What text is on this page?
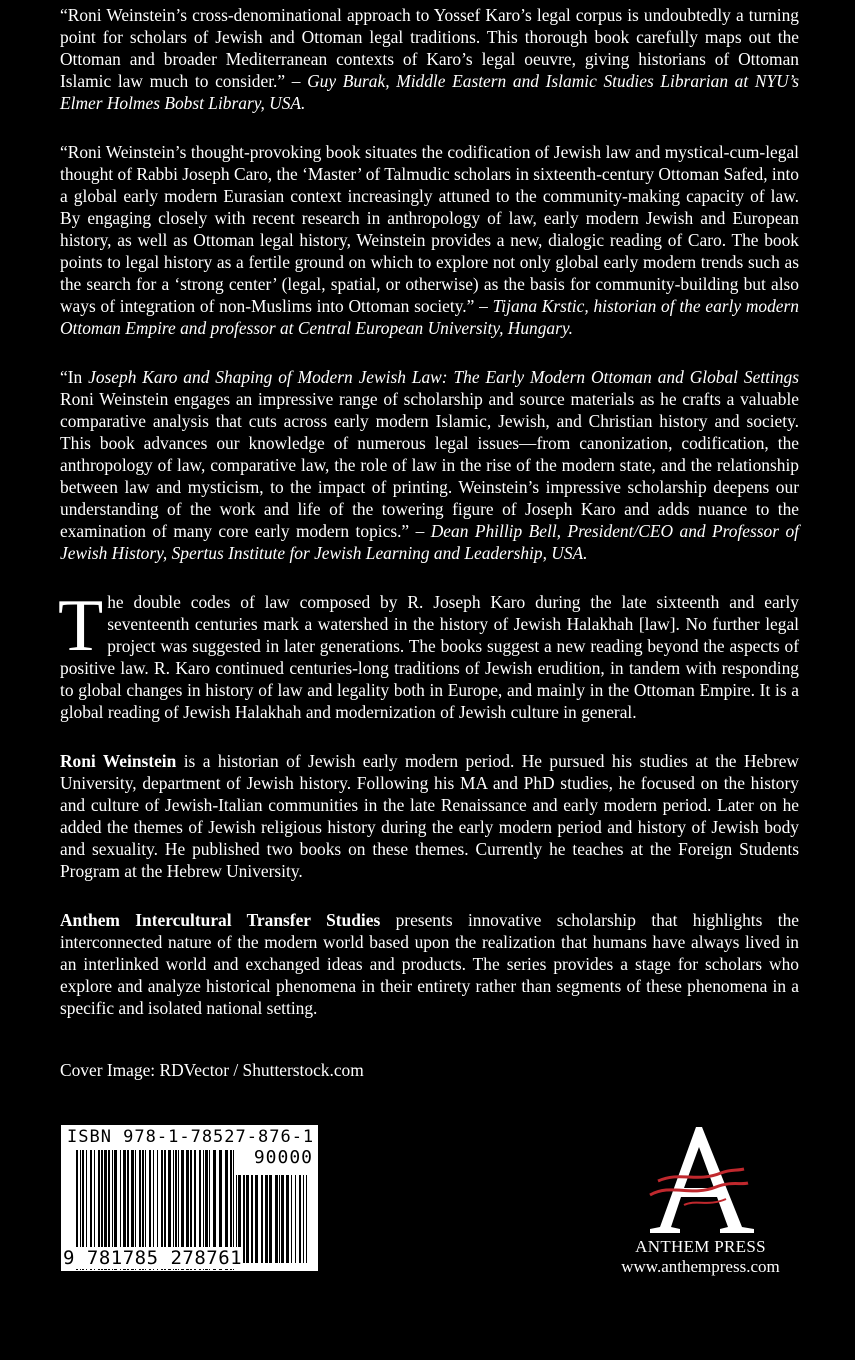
“Roni Weinstein’s cross-denominational approach to Yossef Karo’s legal corpus is undoubtedly a turning point for scholars of Jewish and Ottoman legal traditions. This thorough book carefully maps out the Ottoman and broader Mediterranean contexts of Karo’s legal oeuvre, giving historians of Ottoman Islamic law much to consider.” – Guy Burak, Middle Eastern and Islamic Studies Librarian at NYU’s Elmer Holmes Bobst Library, USA.

“Roni Weinstein’s thought-provoking book situates the codification of Jewish law and mystical-cum-legal thought of Rabbi Joseph Caro, the ‘Master’ of Talmudic scholars in sixteenth-century Ottoman Safed, into a global early modern Eurasian context increasingly attuned to the community-making capacity of law. By engaging closely with recent research in anthropology of law, early modern Jewish and European history, as well as Ottoman legal history, Weinstein provides a new, dialogic reading of Caro. The book points to legal history as a fertile ground on which to explore not only global early modern trends such as the search for a ‘strong center’ (legal, spatial, or otherwise) as the basis for community-building but also ways of integration of non-Muslims into Ottoman society.” – Tijana Krstic, historian of the early modern Ottoman Empire and professor at Central European University, Hungary.

“In Joseph Karo and Shaping of Modern Jewish Law: The Early Modern Ottoman and Global Settings Roni Weinstein engages an impressive range of scholarship and source materials as he crafts a valuable comparative analysis that cuts across early modern Islamic, Jewish, and Christian history and society. This book advances our knowledge of numerous legal issues—from canonization, codification, the anthropology of law, comparative law, the role of law in the rise of the modern state, and the relationship between law and mysticism, to the impact of printing. Weinstein’s impressive scholarship deepens our understanding of the work and life of the towering figure of Joseph Karo and adds nuance to the examination of many core early modern topics.” – Dean Phillip Bell, President/CEO and Professor of Jewish History, Spertus Institute for Jewish Learning and Leadership, USA.

The double codes of law composed by R. Joseph Karo during the late sixteenth and early seventeenth centuries mark a watershed in the history of Jewish Halakhah [law]. No further legal project was suggested in later generations. The books suggest a new reading beyond the aspects of positive law. R. Karo continued centuries-long traditions of Jewish erudition, in tandem with responding to global changes in history of law and legality both in Europe, and mainly in the Ottoman Empire. It is a global reading of Jewish Halakhah and modernization of Jewish culture in general.

Roni Weinstein is a historian of Jewish early modern period. He pursued his studies at the Hebrew University, department of Jewish history. Following his MA and PhD studies, he focused on the history and culture of Jewish-Italian communities in the late Renaissance and early modern period. Later on he added the themes of Jewish religious history during the early modern period and history of Jewish body and sexuality. He published two books on these themes. Currently he teaches at the Foreign Students Program at the Hebrew University.

Anthem Intercultural Transfer Studies presents innovative scholarship that highlights the interconnected nature of the modern world based upon the realization that humans have always lived in an interlinked world and exchanged ideas and products. The series provides a stage for scholars who explore and analyze historical phenomena in their entirety rather than segments of these phenomena in a specific and isolated national setting.

Cover Image: RDVector / Shutterstock.com
ISBN 978-1-78527-876-1
90000
9 781785 278761
ANTHEM PRESS
www.anthempress.com
